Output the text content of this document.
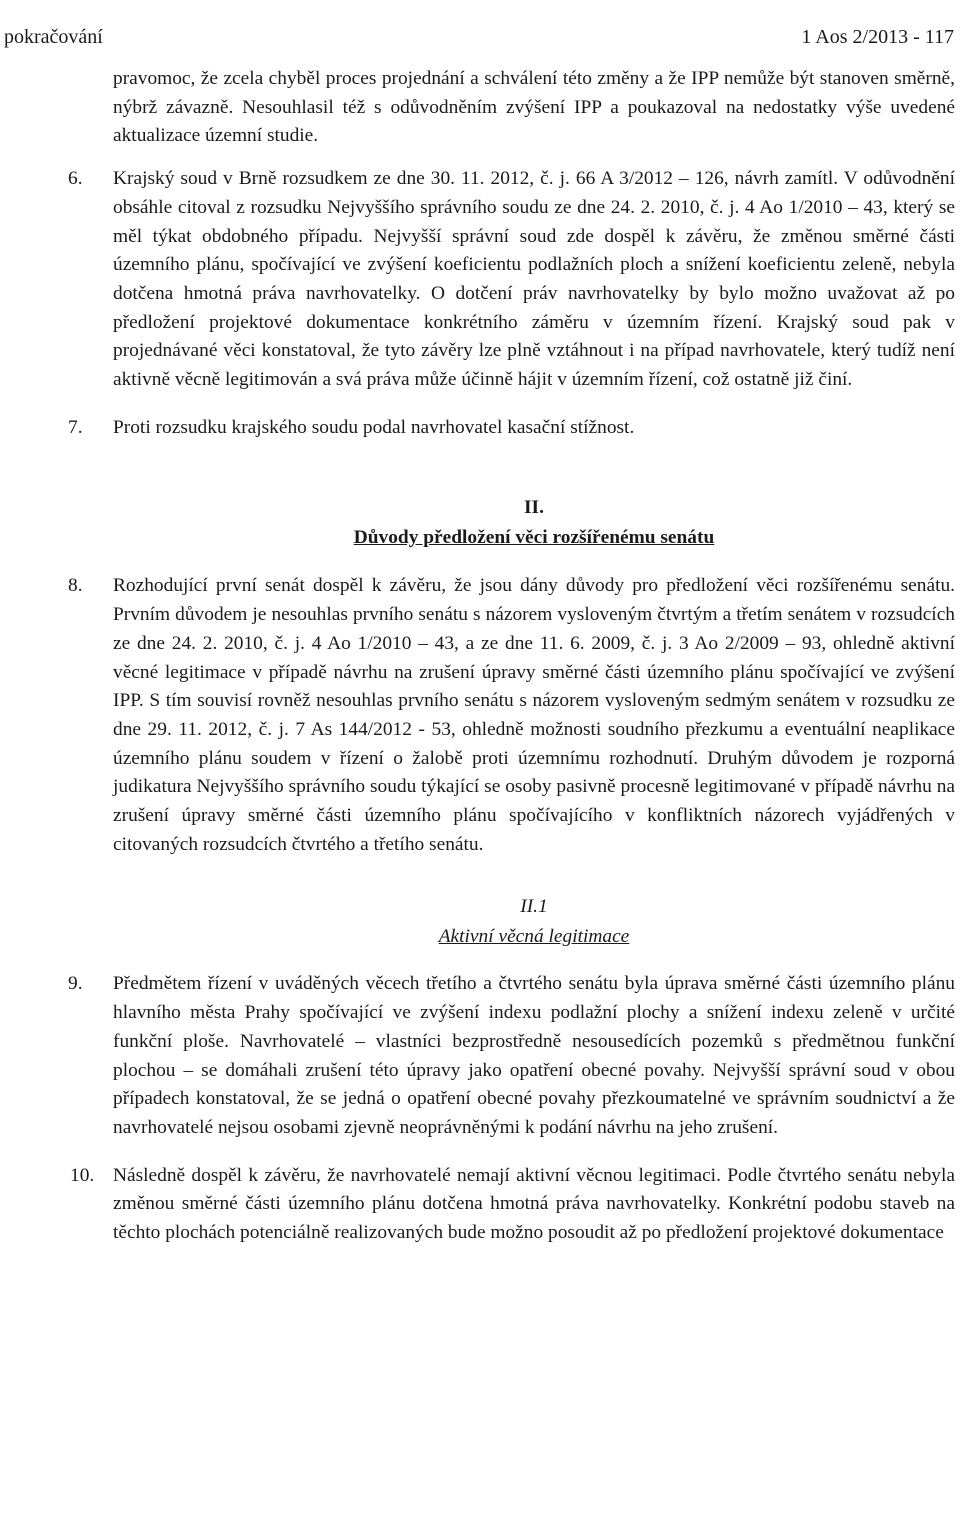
pokračování	1 Aos 2/2013 - 117

pravomoc, že zcela chyběl proces projednání a schválení této změny a že IPP nemůže být stanoven směrně, nýbrž závazně. Nesouhlasil též s odůvodněním zvýšení IPP a poukazoval na nedostatky výše uvedené aktualizace územní studie.

6.	Krajský soud v Brně rozsudkem ze dne 30. 11. 2012, č. j. 66 A 3/2012 – 126, návrh zamítl. V odůvodnění obsáhle citoval z rozsudku Nejvyššího správního soudu ze dne 24. 2. 2010, č. j. 4 Ao 1/2010 – 43, který se měl týkat obdobného případu. Nejvyšší správní soud zde dospěl k závěru, že změnou směrné části územního plánu, spočívající ve zvýšení koeficientu podlažních ploch a snížení koeficientu zeleně, nebyla dotčena hmotná práva navrhovatelky. O dotčení práv navrhovatelky by bylo možno uvažovat až po předložení projektové dokumentace konkrétního záměru v územním řízení. Krajský soud pak v projednávané věci konstatoval, že tyto závěry lze plně vztáhnout i na případ navrhovatele, který tudíž není aktivně věcně legitimován a svá práva může účinně hájit v územním řízení, což ostatně již činí.

7.	Proti rozsudku krajského soudu podal navrhovatel kasační stížnost.

II.
Důvody předložení věci rozšířenému senátu
8.	Rozhodující první senát dospěl k závěru, že jsou dány důvody pro předložení věci rozšířenému senátu. Prvním důvodem je nesouhlas prvního senátu s názorem vysloveným čtvrtým a třetím senátem v rozsudcích ze dne 24. 2. 2010, č. j. 4 Ao 1/2010 – 43, a ze dne 11. 6. 2009, č. j. 3 Ao 2/2009 – 93, ohledně aktivní věcné legitimace v případě návrhu na zrušení úpravy směrné části územního plánu spočívající ve zvýšení IPP. S tím souvisí rovněž nesouhlas prvního senátu s názorem vysloveným sedmým senátem v rozsudku ze dne 29. 11. 2012, č. j. 7 As 144/2012 - 53, ohledně možnosti soudního přezkumu a eventuální neaplikace územního plánu soudem v řízení o žalobě proti územnímu rozhodnutí. Druhým důvodem je rozporná judikatura Nejvyššího správního soudu týkající se osoby pasivně procesně legitimované v případě návrhu na zrušení úpravy směrné části územního plánu spočívajícího v konfliktních názorech vyjádřených v citovaných rozsudcích čtvrtého a třetího senátu.

II.1
Aktivní věcná legitimace
9.	Předmětem řízení v uváděných věcech třetího a čtvrtého senátu byla úprava směrné části územního plánu hlavního města Prahy spočívající ve zvýšení indexu podlažní plochy a snížení indexu zeleně v určité funkční ploše. Navrhovatelé – vlastníci bezprostředně nesousedících pozemků s předmětnou funkční plochou – se domáhali zrušení této úpravy jako opatření obecné povahy. Nejvyšší správní soud v obou případech konstatoval, že se jedná o opatření obecné povahy přezkoumatelné ve správním soudnictví a že navrhovatelé nejsou osobami zjevně neoprávněnými k podání návrhu na jeho zrušení.

10. Následně dospěl k závěru, že navrhovatelé nemají aktivní věcnou legitimaci. Podle čtvrtého senátu nebyla změnou směrné části územního plánu dotčena hmotná práva navrhovatelky. Konkrétní podobu staveb na těchto plochách potenciálně realizovaných bude možno posoudit až po předložení projektové dokumentace
